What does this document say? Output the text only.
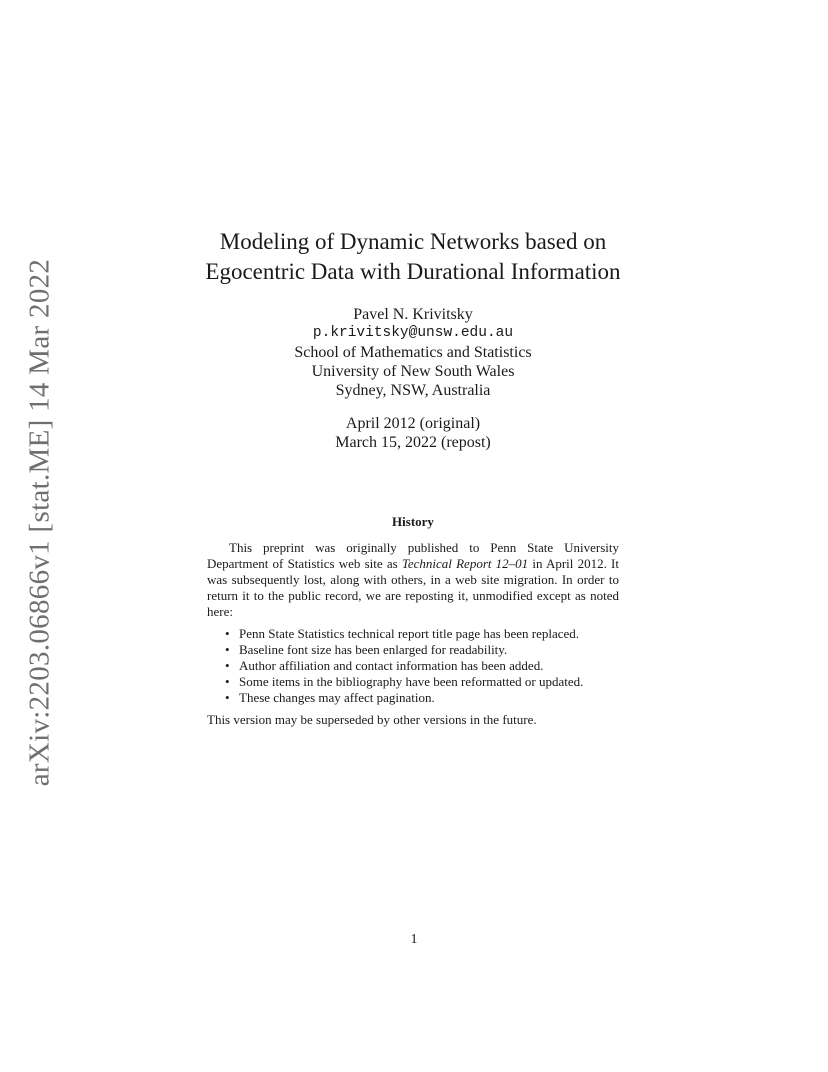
arXiv:2203.06866v1 [stat.ME] 14 Mar 2022
Modeling of Dynamic Networks based on
Egocentric Data with Durational Information
Pavel N. Krivitsky
p.krivitsky@unsw.edu.au
School of Mathematics and Statistics
University of New South Wales
Sydney, NSW, Australia
April 2012 (original)
March 15, 2022 (repost)
History

This preprint was originally published to Penn State University Department of Statistics web site as Technical Report 12–01 in April 2012. It was subsequently lost, along with others, in a web site migration. In order to return it to the public record, we are reposting it, unmodified except as noted here:

• Penn State Statistics technical report title page has been replaced.
• Baseline font size has been enlarged for readability.
• Author affiliation and contact information has been added.
• Some items in the bibliography have been reformatted or updated.
• These changes may affect pagination.

This version may be superseded by other versions in the future.

1
